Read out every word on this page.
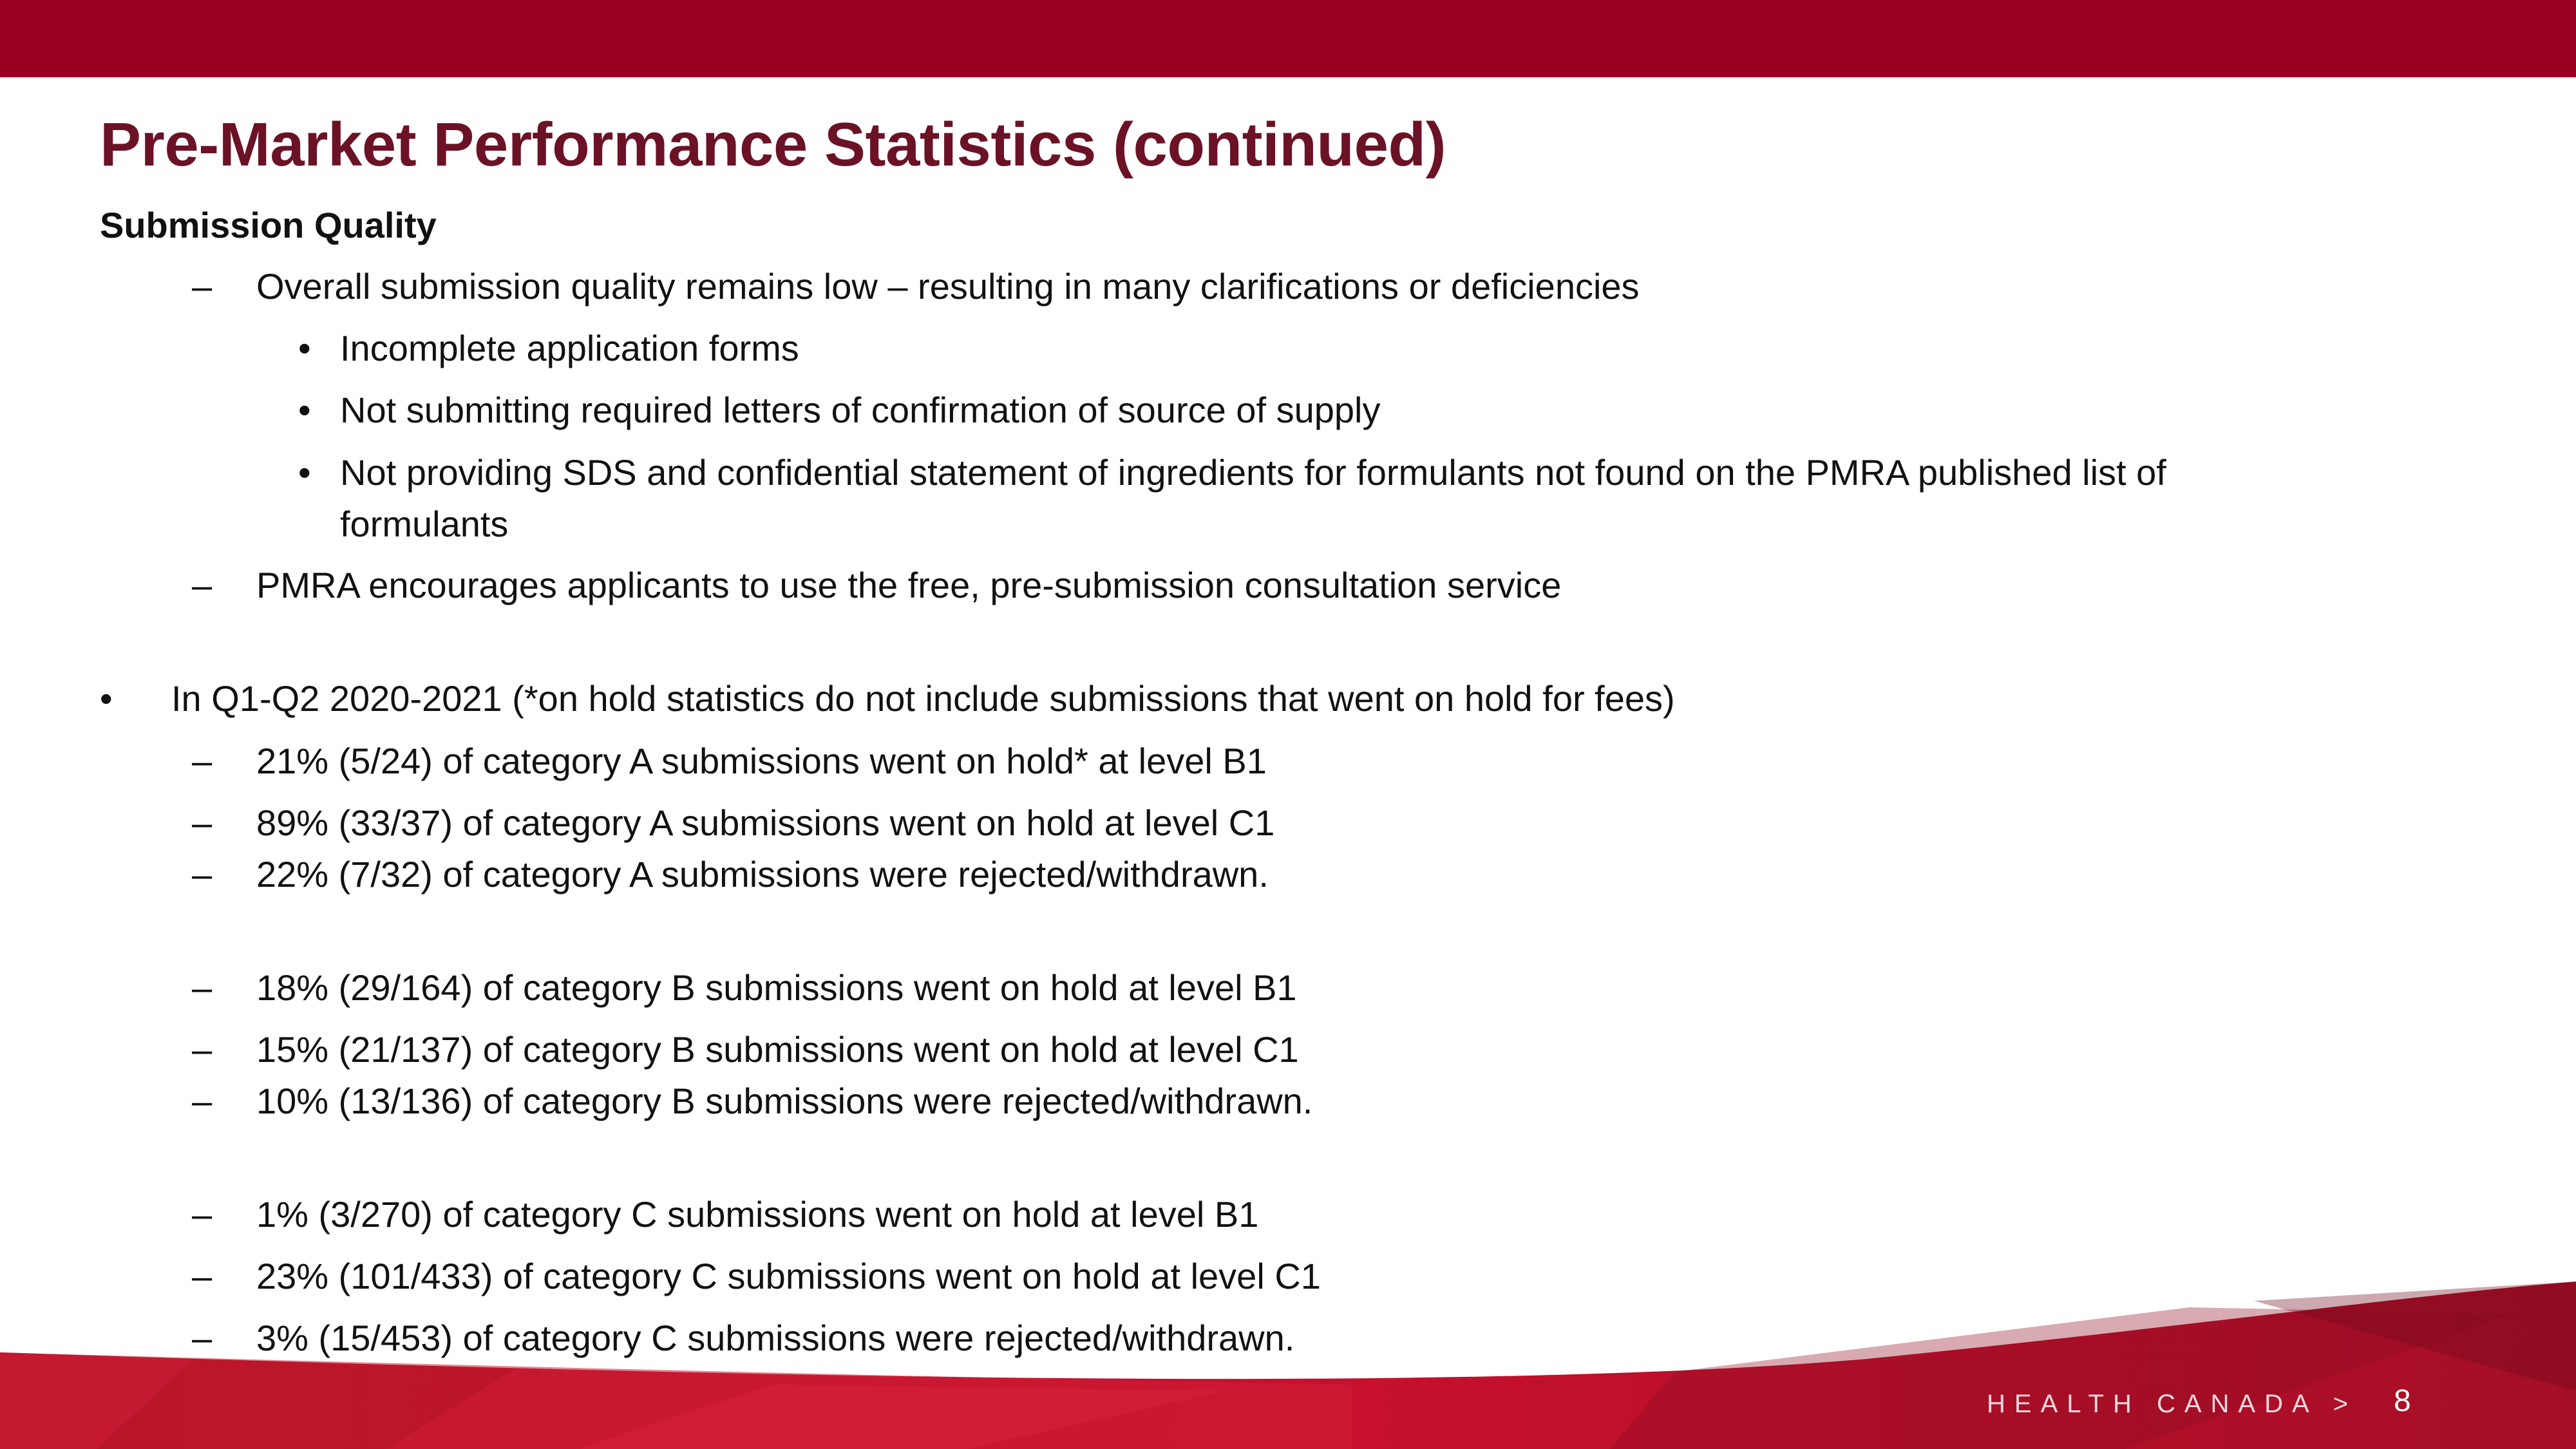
Pre-Market Performance Statistics (continued)
Submission Quality
– Overall submission quality remains low – resulting in many clarifications or deficiencies
• Incomplete application forms
• Not submitting required letters of confirmation of source of supply
• Not providing SDS and confidential statement of ingredients for formulants not found on the PMRA published list of
formulants
– PMRA encourages applicants to use the free, pre-submission consultation service
• In Q1-Q2 2020-2021 (*on hold statistics do not include submissions that went on hold for fees)
– 21% (5/24) of category A submissions went on hold* at level B1
– 89% (33/37) of category A submissions went on hold at level C1
– 22% (7/32) of category A submissions were rejected/withdrawn.
– 18% (29/164) of category B submissions went on hold at level B1
– 15% (21/137) of category B submissions went on hold at level C1
– 10% (13/136) of category B submissions were rejected/withdrawn.
– 1% (3/270) of category C submissions went on hold at level B1
– 23% (101/433) of category C submissions went on hold at level C1
– 3% (15/453) of category C submissions were rejected/withdrawn.
HEALTH CANADA > 8
